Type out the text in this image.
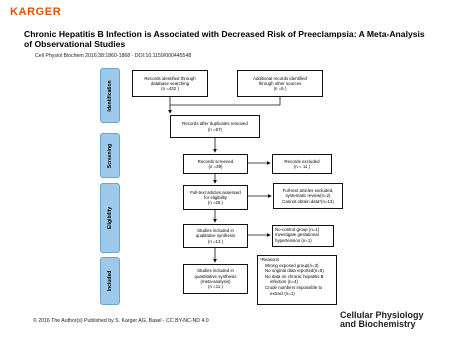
KARGER
Chronic Hepatitis B Infection is Associated with Decreased Risk of Preeclampsia: A Meta-Analysis of Observational Studies
Cell Physiol Biochem 2016;38:1860-1868 · DOI:10.1159/000445548
Identification
Screening
Eligibility
Included
Records identified through
database searching
(n =432 )
Additional records identified
through other sources
(n =5 )
Records after duplicates removed
(n =57)
Records screened
(n =39)
Records excluded
(n = 11 )
Full-text articles assessed
for eligibility
(n =28 )
Full-text articles excluded,
systematic review(n=2)
Cannot obtain data*(n=13)
Studies included in
qualitative synthesis
(n =13 )
No-control group (n=1)
Investigate gestational
hypertension (n=1)
Studies included in
quantitative synthesis
(meta-analysis)
(n =11 )
*Reasons
Wrong exposed group(n=3)
No original data reported(n=5)
No data on chronic hepatitis B
infection (n=4)
Crude numbers impossible to
extract (n=1)
© 2016 The Author(s) Published by S. Karger AG, Basel - CC BY-NC-ND 4.0
Cellular Physiology
and Biochemistry
